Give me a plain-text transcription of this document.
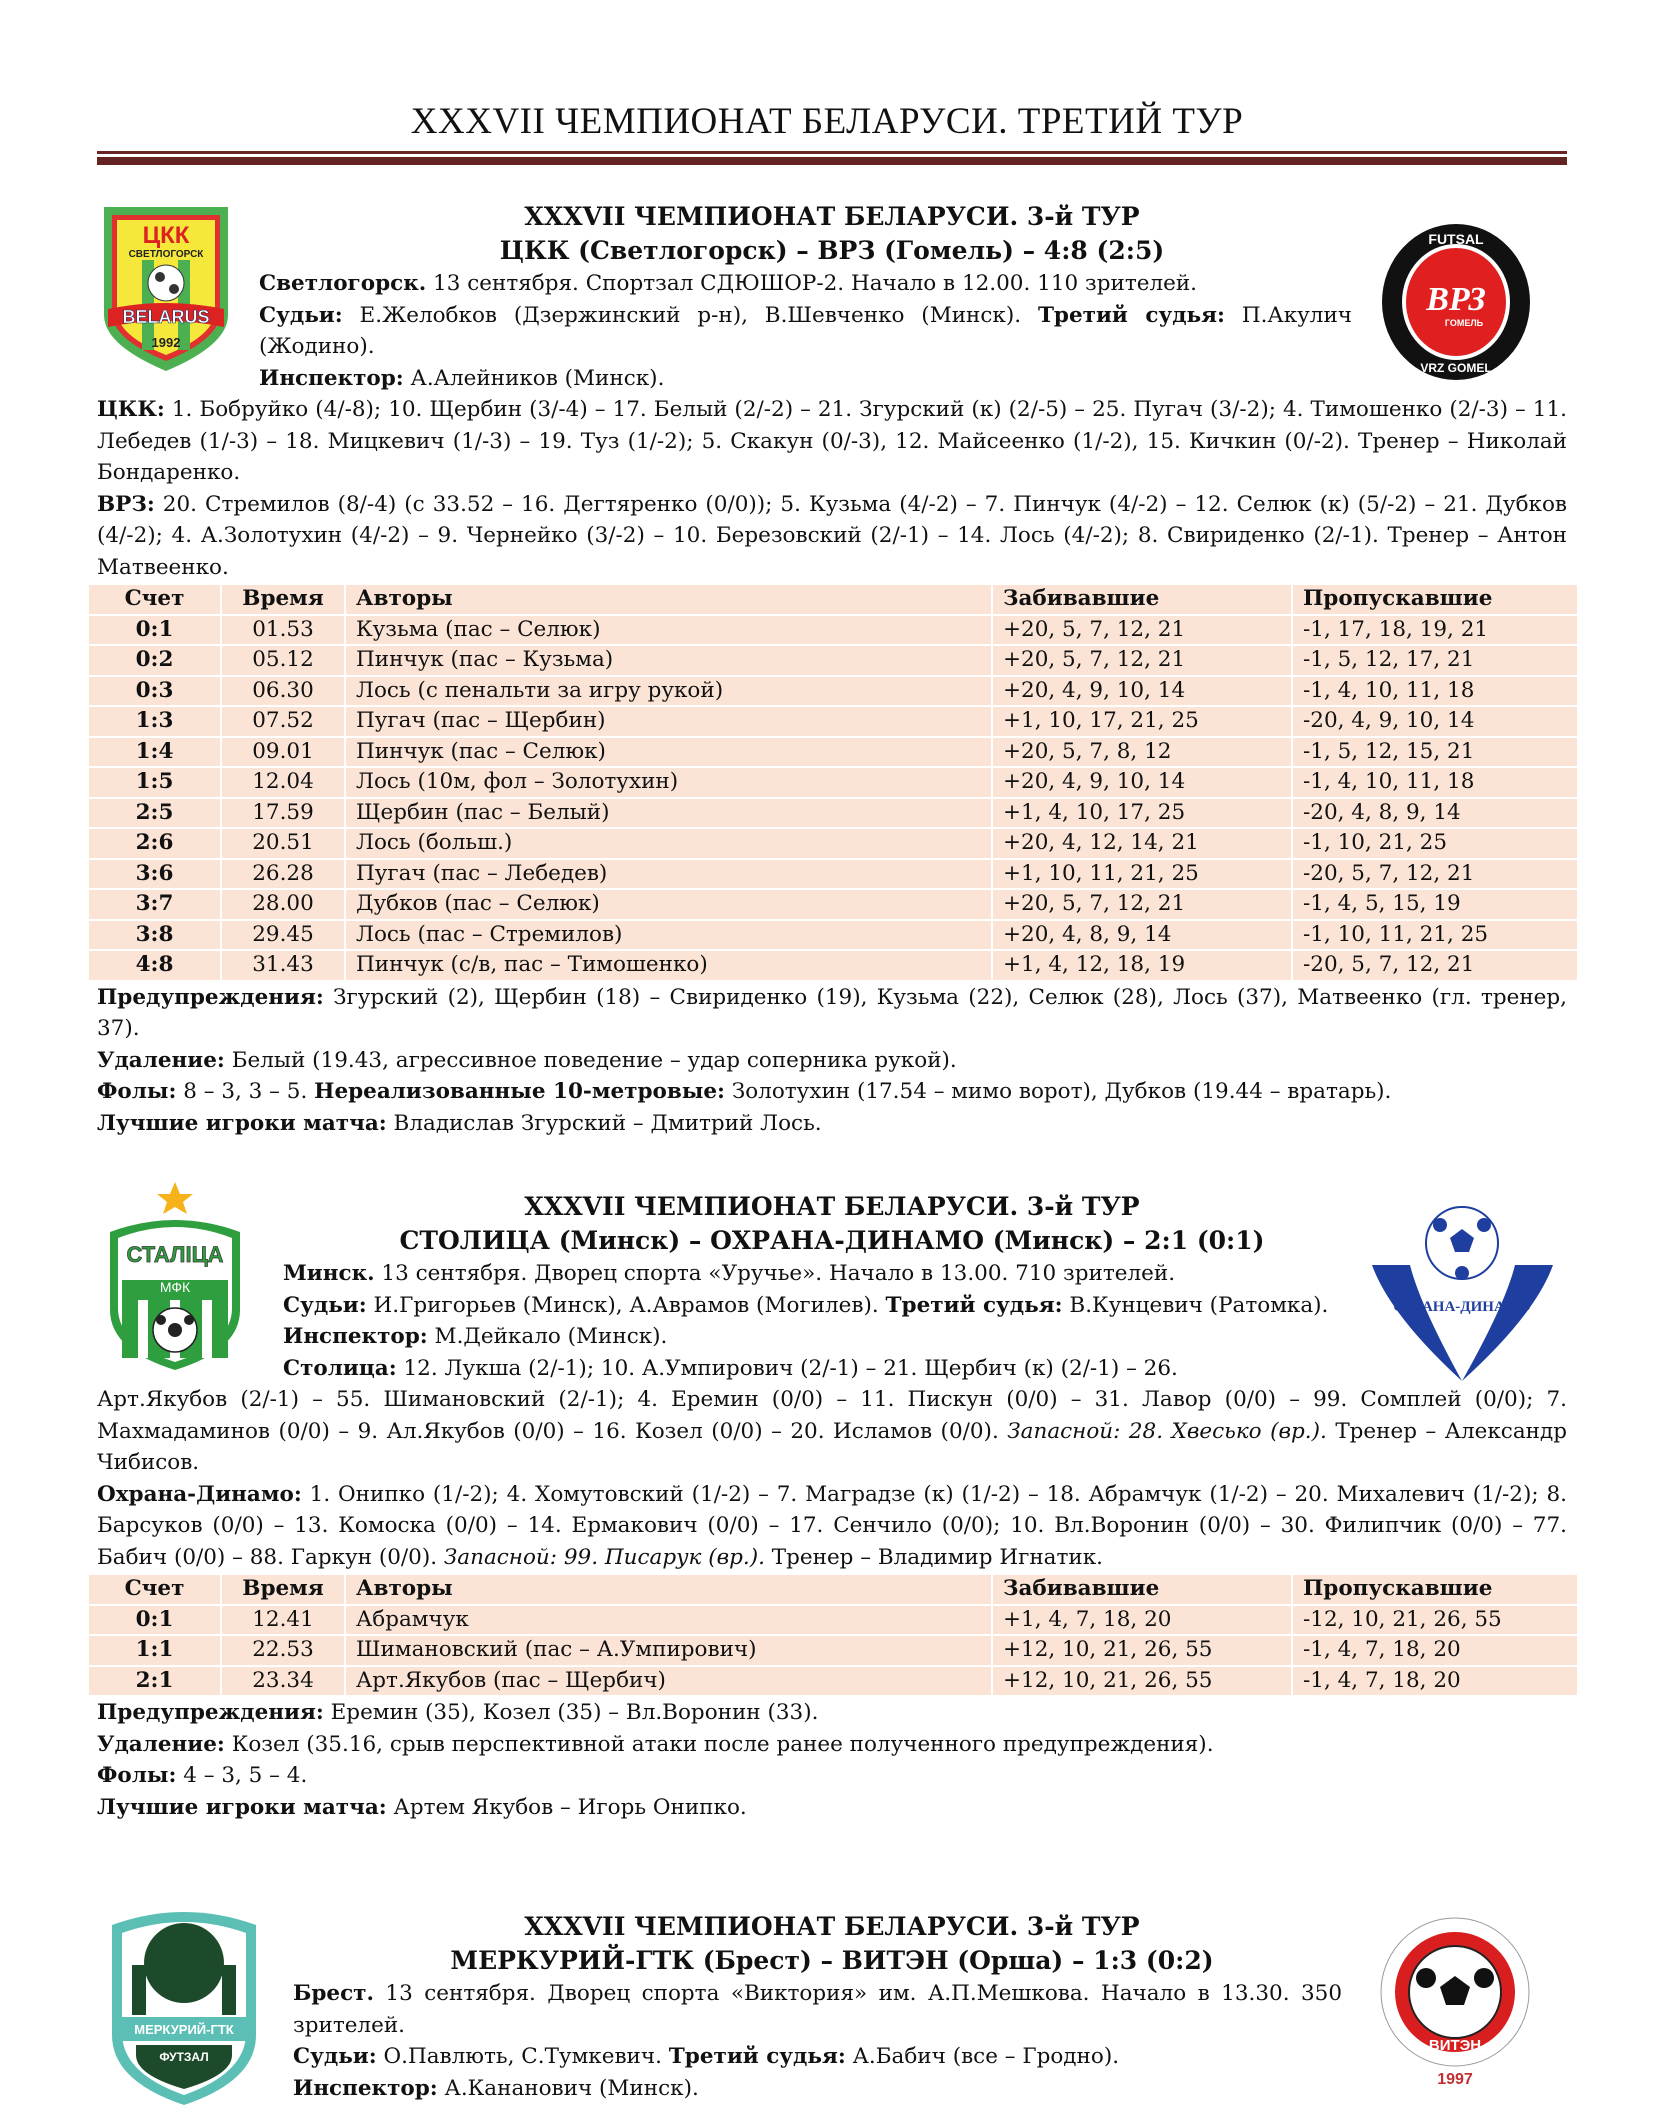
XXXVII ЧЕМПИОНАТ БЕЛАРУСИ. ТРЕТИЙ ТУР
ЦКК
СВЕТЛОГОРСК
BELARUS
1992
ВРЗ
ГОМЕЛЬ
FUTSAL
VRZ GOMEL
XXXVII ЧЕМПИОНАТ БЕЛАРУСИ. 3-й ТУР
ЦКК (Светлогорск) – ВРЗ (Гомель) – 4:8 (2:5)
Светлогорск. 13 сентября. Спортзал СДЮШОР-2. Начало в 12.00. 110 зрителей.
Судьи: Е.Желобков (Дзержинский р-н), В.Шевченко (Минск). Третий судья: П.Акулич (Жодино).
Инспектор: А.Алейников (Минск).
ЦКК: 1. Бобруйко (4/-8); 10. Щербин (3/-4) – 17. Белый (2/-2) – 21. Згурский (к) (2/-5) – 25. Пугач (3/-2); 4. Тимошенко (2/-3) – 11. Лебедев (1/-3) – 18. Мицкевич (1/-3) – 19. Туз (1/-2); 5. Скакун (0/-3), 12. Майсеенко (1/-2), 15. Кичкин (0/-2). Тренер – Николай Бондаренко.
ВРЗ: 20. Стремилов (8/-4) (с 33.52 – 16. Дегтяренко (0/0)); 5. Кузьма (4/-2) – 7. Пинчук (4/-2) – 12. Селюк (к) (5/-2) – 21. Дубков (4/-2); 4. А.Золотухин (4/-2) – 9. Чернейко (3/-2) – 10. Березовский (2/-1) – 14. Лось (4/-2); 8. Свириденко (2/-1). Тренер – Антон Матвеенко.
Счет	Время	Авторы	Забивавшие	Пропускавшие
0:1	01.53	Кузьма (пас – Селюк)	+20, 5, 7, 12, 21	-1, 17, 18, 19, 21
0:2	05.12	Пинчук (пас – Кузьма)	+20, 5, 7, 12, 21	-1, 5, 12, 17, 21
0:3	06.30	Лось (с пенальти за игру рукой)	+20, 4, 9, 10, 14	-1, 4, 10, 11, 18
1:3	07.52	Пугач (пас – Щербин)	+1, 10, 17, 21, 25	-20, 4, 9, 10, 14
1:4	09.01	Пинчук (пас – Селюк)	+20, 5, 7, 8, 12	-1, 5, 12, 15, 21
1:5	12.04	Лось (10м, фол – Золотухин)	+20, 4, 9, 10, 14	-1, 4, 10, 11, 18
2:5	17.59	Щербин (пас – Белый)	+1, 4, 10, 17, 25	-20, 4, 8, 9, 14
2:6	20.51	Лось (больш.)	+20, 4, 12, 14, 21	-1, 10, 21, 25
3:6	26.28	Пугач (пас – Лебедев)	+1, 10, 11, 21, 25	-20, 5, 7, 12, 21
3:7	28.00	Дубков (пас – Селюк)	+20, 5, 7, 12, 21	-1, 4, 5, 15, 19
3:8	29.45	Лось (пас – Стремилов)	+20, 4, 8, 9, 14	-1, 10, 11, 21, 25
4:8	31.43	Пинчук (с/в, пас – Тимошенко)	+1, 4, 12, 18, 19	-20, 5, 7, 12, 21
Предупреждения: Згурский (2), Щербин (18) – Свириденко (19), Кузьма (22), Селюк (28), Лось (37), Матвеенко (гл. тренер, 37).
Удаление: Белый (19.43, агрессивное поведение – удар соперника рукой).
Фолы: 8 – 3, 3 – 5. Нереализованные 10-метровые: Золотухин (17.54 – мимо ворот), Дубков (19.44 – вратарь).
Лучшие игроки матча: Владислав Згурский – Дмитрий Лось.
СТАЛІЦА
МФК
ОХРАНА-ДИНАМО
XXXVII ЧЕМПИОНАТ БЕЛАРУСИ. 3-й ТУР
СТОЛИЦА (Минск) – ОХРАНА-ДИНАМО (Минск) – 2:1 (0:1)
Минск. 13 сентября. Дворец спорта «Уручье». Начало в 13.00. 710 зрителей.
Судьи: И.Григорьев (Минск), А.Аврамов (Могилев). Третий судья: В.Кунцевич (Ратомка).
Инспектор: М.Дейкало (Минск).
Столица: 12. Лукша (2/-1); 10. А.Умпирович (2/-1) – 21. Щербич (к) (2/-1) – 26.
Арт.Якубов (2/-1) – 55. Шимановский (2/-1); 4. Еремин (0/0) – 11. Пискун (0/0) – 31. Лавор (0/0) – 99. Сомплей (0/0); 7. Махмадаминов (0/0) – 9. Ал.Якубов (0/0) – 16. Козел (0/0) – 20. Исламов (0/0). Запасной: 28. Хвесько (вр.). Тренер – Александр Чибисов.
Охрана-Динамо: 1. Онипко (1/-2); 4. Хомутовский (1/-2) – 7. Маградзе (к) (1/-2) – 18. Абрамчук (1/-2) – 20. Михалевич (1/-2); 8. Барсуков (0/0) – 13. Комоска (0/0) – 14. Ермакович (0/0) – 17. Сенчило (0/0); 10. Вл.Воронин (0/0) – 30. Филипчик (0/0) – 77. Бабич (0/0) – 88. Гаркун (0/0). Запасной: 99. Писарук (вр.). Тренер – Владимир Игнатик.
Счет	Время	Авторы	Забивавшие	Пропускавшие
0:1	12.41	Абрамчук	+1, 4, 7, 18, 20	-12, 10, 21, 26, 55
1:1	22.53	Шимановский (пас – А.Умпирович)	+12, 10, 21, 26, 55	-1, 4, 7, 18, 20
2:1	23.34	Арт.Якубов (пас – Щербич)	+12, 10, 21, 26, 55	-1, 4, 7, 18, 20
Предупреждения: Еремин (35), Козел (35) – Вл.Воронин (33).
Удаление: Козел (35.16, срыв перспективной атаки после ранее полученного предупреждения).
Фолы: 4 – 3, 5 – 4.
Лучшие игроки матча: Артем Якубов – Игорь Онипко.
МЕРКУРИЙ-ГТК
ФУТЗАЛ
ВИТЭН
1997
XXXVII ЧЕМПИОНАТ БЕЛАРУСИ. 3-й ТУР
МЕРКУРИЙ-ГТК (Брест) – ВИТЭН (Орша) – 1:3 (0:2)
Брест. 13 сентября. Дворец спорта «Виктория» им. А.П.Мешкова. Начало в 13.30. 350 зрителей.
Судьи: О.Павлють, С.Тумкевич. Третий судья: А.Бабич (все – Гродно).
Инспектор: А.Кананович (Минск).
